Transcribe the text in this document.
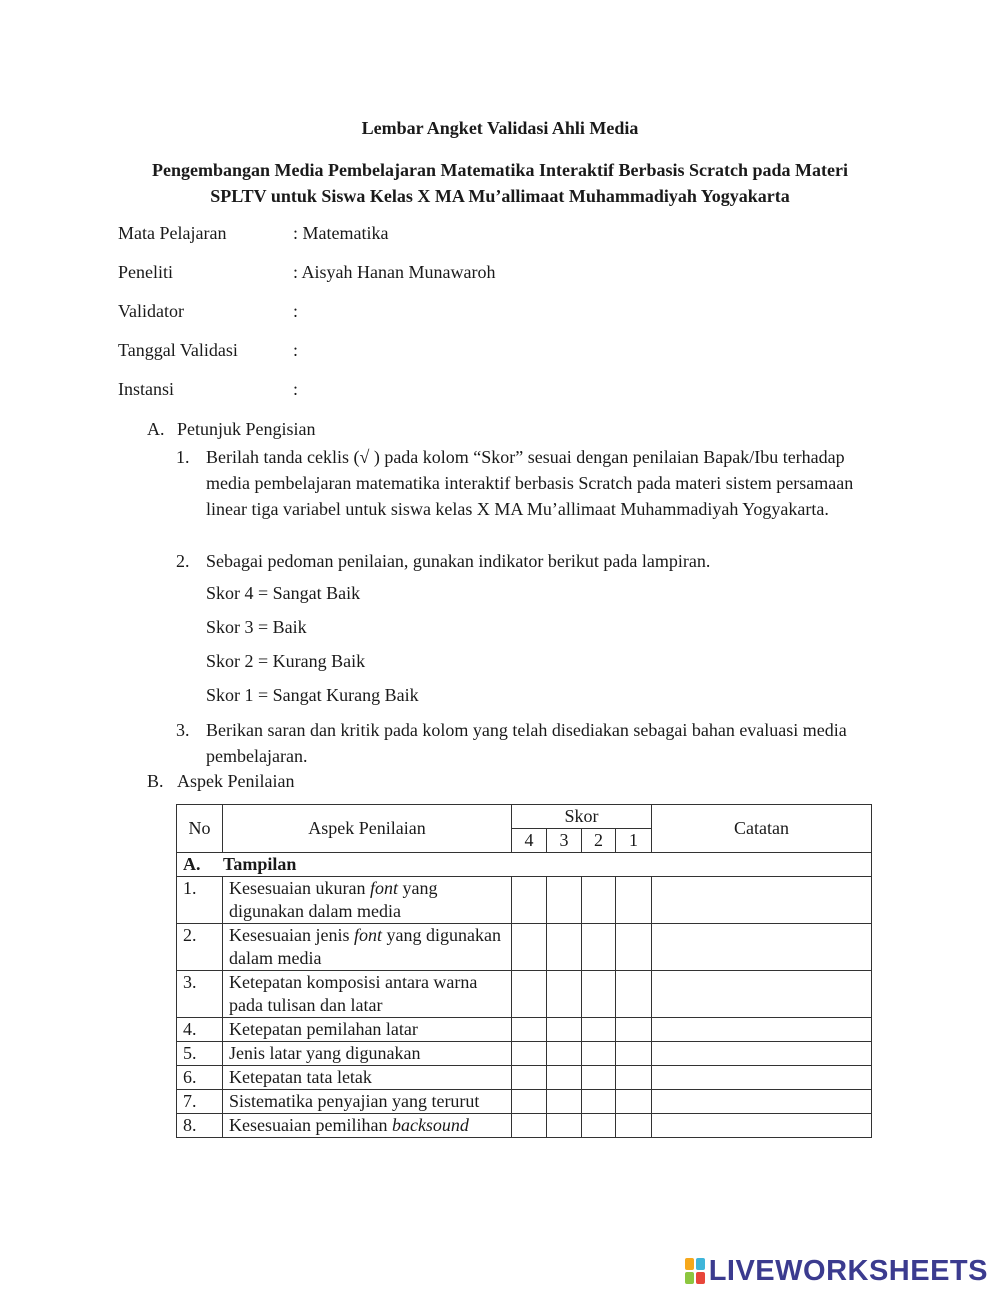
Lembar Angket Validasi Ahli Media
Pengembangan Media Pembelajaran Matematika Interaktif Berbasis Scratch pada Materi
SPLTV untuk Siswa Kelas X MA Mu’allimaat Muhammadiyah Yogyakarta
Mata Pelajaran	: Matematika
Peneliti	: Aisyah Hanan Munawaroh
Validator	:
Tanggal Validasi	:
Instansi	:
A. Petunjuk Pengisian
1. Berilah tanda ceklis (√ ) pada kolom “Skor” sesuai dengan penilaian Bapak/Ibu terhadap media pembelajaran matematika interaktif berbasis Scratch pada materi sistem persamaan linear tiga variabel untuk siswa kelas X MA Mu’allimaat Muhammadiyah Yogyakarta.
2. Sebagai pedoman penilaian, gunakan indikator berikut pada lampiran.
Skor 4 = Sangat Baik
Skor 3 = Baik
Skor 2 = Kurang Baik
Skor 1 = Sangat Kurang Baik
3. Berikan saran dan kritik pada kolom yang telah disediakan sebagai bahan evaluasi media pembelajaran.
B. Aspek Penilaian
No	Aspek Penilaian	Skor				Catatan
		4	3	2	1	
A. Tampilan						
1.	Kesesuaian ukuran font yang digunakan dalam media					
2.	Kesesuaian jenis font yang digunakan dalam media					
3.	Ketepatan komposisi antara warna pada tulisan dan latar					
4.	Ketepatan pemilahan latar					
5.	Jenis latar yang digunakan					
6.	Ketepatan tata letak					
7.	Sistematika penyajian yang terurut					
8.	Kesesuaian pemilihan backsound					
LIVEWORKSHEETS
